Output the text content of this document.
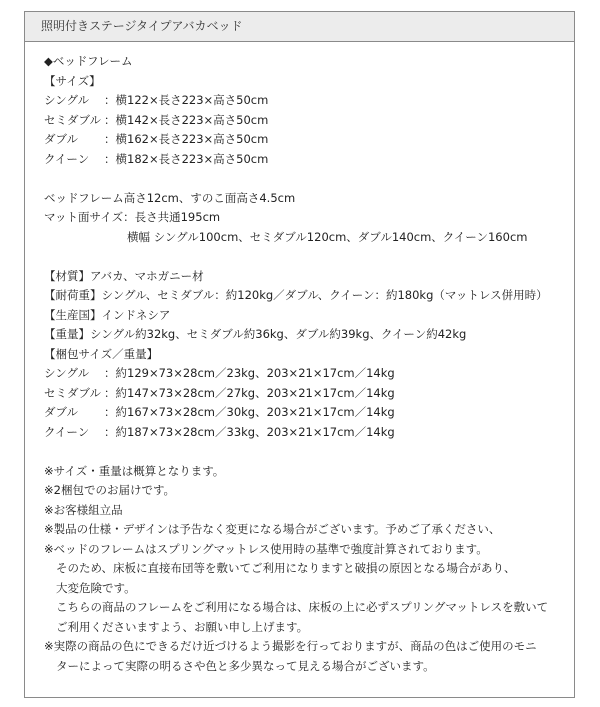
照明付きステージタイプアバカベッド
◆ベッドフレーム
【サイズ】
シングル ：横122×長さ223×高さ50cm
セミダブル ：横142×長さ223×高さ50cm
ダブル ：横162×長さ223×高さ50cm
クイーン ：横182×長さ223×高さ50cm
ベッドフレーム高さ12cm、すのこ面高さ4.5cm
マット面サイズ：長さ共通195cm
横幅 シングル100cm、セミダブル120cm、ダブル140cm、クイーン160cm
【材質】アバカ、マホガニー材
【耐荷重】シングル、セミダブル：約120kg／ダブル、クイーン：約180kg（マットレス併用時）
【生産国】インドネシア
【重量】シングル約32kg、セミダブル約36kg、ダブル約39kg、クイーン約42kg
【梱包サイズ／重量】
シングル ：約129×73×28cm／23kg、203×21×17cm／14kg
セミダブル ：約147×73×28cm／27kg、203×21×17cm／14kg
ダブル ：約167×73×28cm／30kg、203×21×17cm／14kg
クイーン ：約187×73×28cm／33kg、203×21×17cm／14kg
※サイズ・重量は概算となります。
※2梱包でのお届けです。
※お客様組立品
※製品の仕様・デザインは予告なく変更になる場合がございます。予めご了承ください、
※ベッドのフレームはスプリングマットレス使用時の基準で強度計算されております。
そのため、床板に直接布団等を敷いてご利用になりますと破損の原因となる場合があり、
大変危険です。
こちらの商品のフレームをご利用になる場合は、床板の上に必ずスプリングマットレスを敷いて
ご利用くださいますよう、お願い申し上げます。
※実際の商品の色にできるだけ近づけるよう撮影を行っておりますが、商品の色はご使用のモニ
ターによって実際の明るさや色と多少異なって見える場合がございます。
